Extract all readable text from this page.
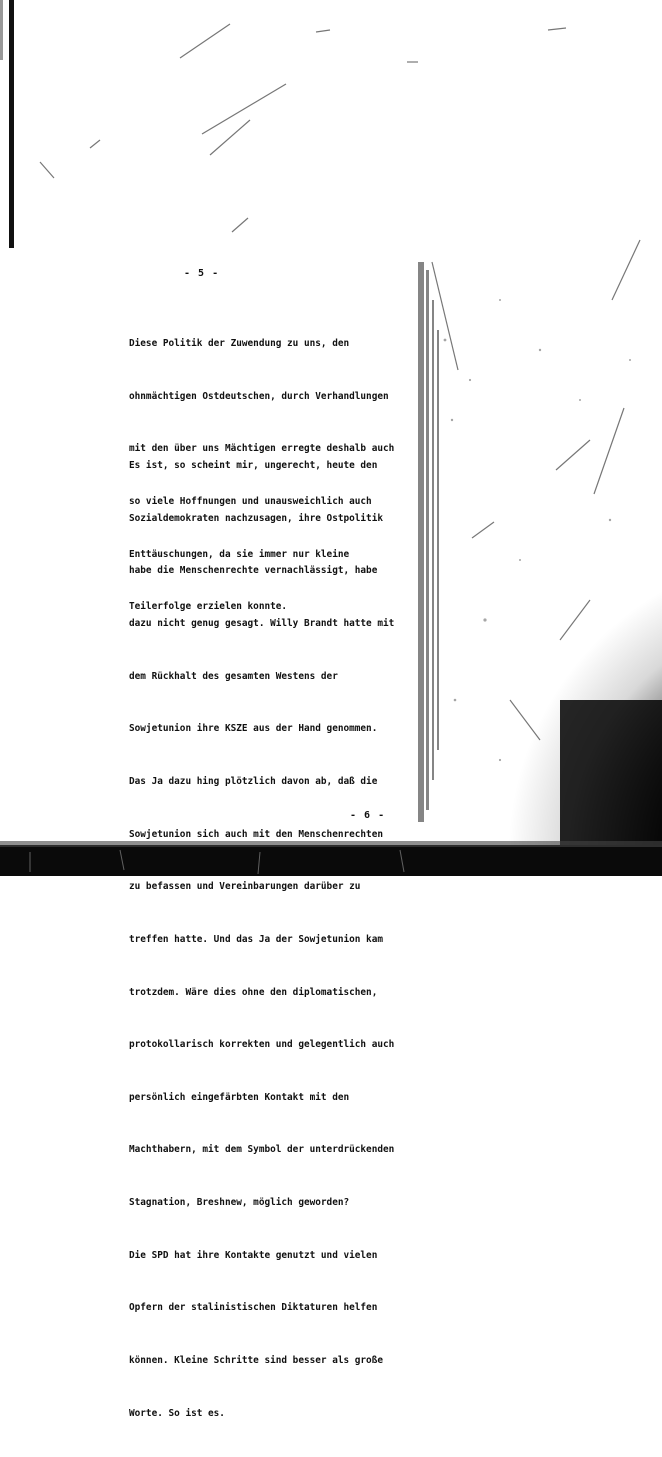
- 5 -

Diese Politik der Zuwendung zu uns, den

ohnmächtigen Ostdeutschen, durch Verhandlungen

mit den über uns Mächtigen erregte deshalb auch

so viele Hoffnungen und unausweichlich auch

Enttäuschungen, da sie immer nur kleine

Teilerfolge erzielen konnte.

Es ist, so scheint mir, ungerecht, heute den

Sozialdemokraten nachzusagen, ihre Ostpolitik

habe die Menschenrechte vernachlässigt, habe

dazu nicht genug gesagt. Willy Brandt hatte mit

dem Rückhalt des gesamten Westens der

Sowjetunion ihre KSZE aus der Hand genommen.

Das Ja dazu hing plötzlich davon ab, daß die

Sowjetunion sich auch mit den Menschenrechten

zu befassen und Vereinbarungen darüber zu

treffen hatte. Und das Ja der Sowjetunion kam

trotzdem. Wäre dies ohne den diplomatischen,

protokollarisch korrekten und gelegentlich auch

persönlich eingefärbten Kontakt mit den

Machthabern, mit dem Symbol der unterdrückenden

Stagnation, Breshnew, möglich geworden?

Die SPD hat ihre Kontakte genutzt und vielen

Opfern der stalinistischen Diktaturen helfen

können. Kleine Schritte sind besser als große

Worte. So ist es.

- 6 -
